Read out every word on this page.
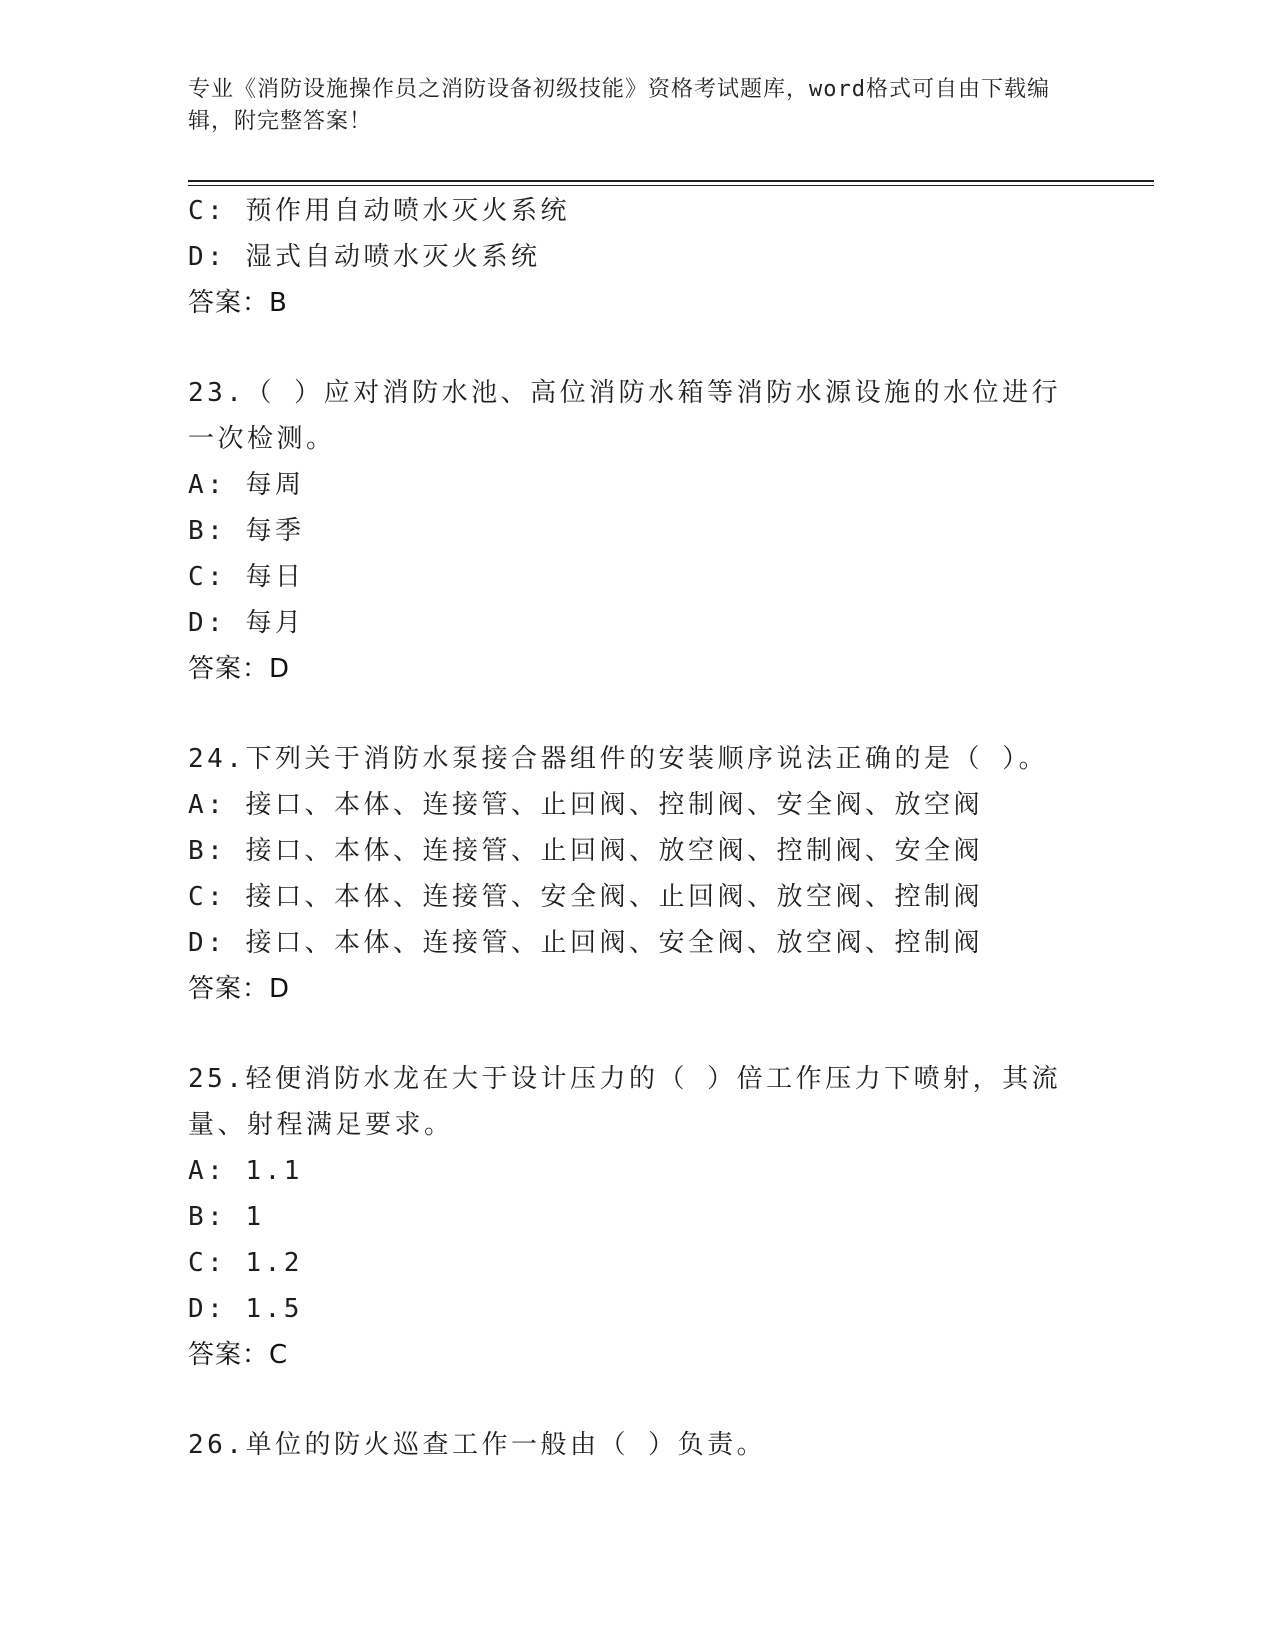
专业《消防设施操作员之消防设备初级技能》资格考试题库，word格式可自由下载编辑，附完整答案！
C: 预作用自动喷水灭火系统
D: 湿式自动喷水灭火系统
答案：B
23.（ ）应对消防水池、高位消防水箱等消防水源设施的水位进行一次检测。
A: 每周
B: 每季
C: 每日
D: 每月
答案：D
24.下列关于消防水泵接合器组件的安装顺序说法正确的是（ ）。
A: 接口、本体、连接管、止回阀、控制阀、安全阀、放空阀
B: 接口、本体、连接管、止回阀、放空阀、控制阀、安全阀
C: 接口、本体、连接管、安全阀、止回阀、放空阀、控制阀
D: 接口、本体、连接管、止回阀、安全阀、放空阀、控制阀
答案：D
25.轻便消防水龙在大于设计压力的（ ）倍工作压力下喷射，其流量、射程满足要求。
A: 1.1
B: 1
C: 1.2
D: 1.5
答案：C
26.单位的防火巡查工作一般由（ ）负责。
